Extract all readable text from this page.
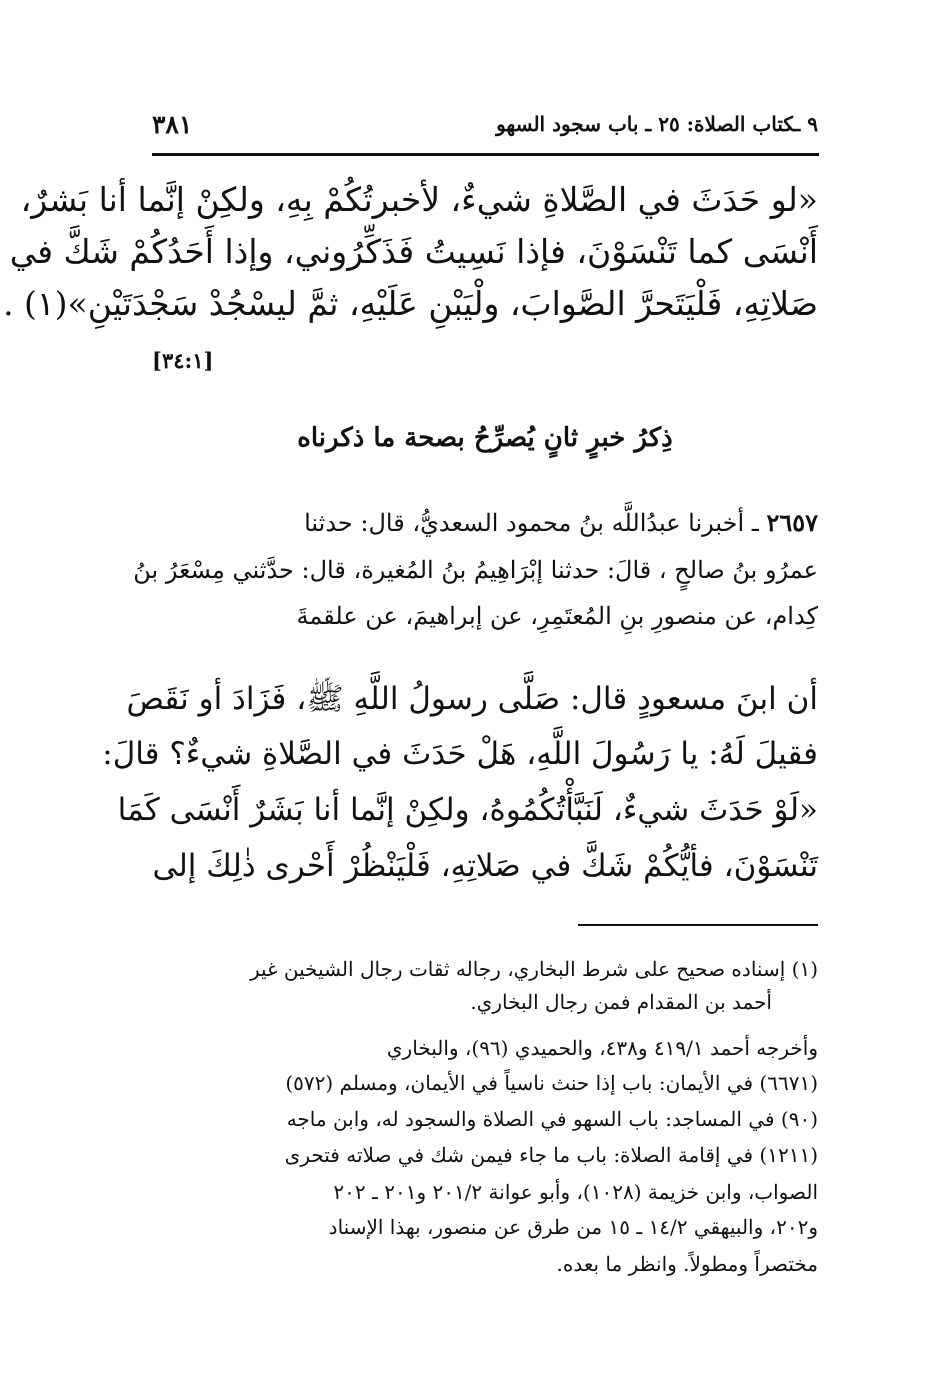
٩ ـكتاب الصلاة: ٢٥ ـ باب سجود السهو
٣٨١
«لو حَدَثَ في الصَّلاةِ شيءٌ، لأخبرتُكُمْ بِهِ، ولكِنْ إنَّما أنا بَشرٌ،
أَنْسَى كما تَنْسَوْنَ، فإذا نَسِيتُ فَذَكِّرُوني، وإذا أَحَدُكُمْ شَكَّ في
صَلاتِهِ، فَلْيَتَحرَّ الصَّوابَ، ولْيَبْنِ عَلَيْهِ، ثمَّ ليسْجُدْ سَجْدَتَيْنِ»(١) .
[٣٤:١]
ذِكرُ خبرٍ ثانٍ يُصرِّحُ بصحة ما ذكرناه
٢٦٥٧ ـ أخبرنا عبدُاللَّه بنُ محمود السعديُّ، قال: حدثنا
عمرُو بنُ صالحٍ ، قالَ: حدثنا إبْرَاهِيمُ بنُ المُغيرة، قال: حدَّثني مِسْعَرُ بنُ
كِدام، عن منصورِ بنِ المُعتَمِرِ، عن إبراهيمَ، عن علقمةَ
أن ابنَ مسعودٍ قال: صَلَّى رسولُ اللَّهِ ﷺ، فَزَادَ أو نَقَصَ
فقيلَ لَهُ: يا رَسُولَ اللَّهِ، هَلْ حَدَثَ في الصَّلاةِ شيءٌ؟ قالَ:
«لَوْ حَدَثَ شيءٌ، لَنَبَّأْتُكُمُوهُ، ولكِنْ إنَّما أنا بَشَرٌ أَنْسَى كَمَا
تَنْسَوْنَ، فأيُّكُمْ شَكَّ في صَلاتِهِ، فَلْيَنْظُرْ أَحْرى ذٰلِكَ إلى
(١) إسناده صحيح على شرط البخاري، رجاله ثقات رجال الشيخين غير
أحمد بن المقدام فمن رجال البخاري.
وأخرجه أحمد ٤١٩/١ و٤٣٨، والحميدي (٩٦)، والبخاري
(٦٦٧١) في الأيمان: باب إذا حنث ناسياً في الأيمان، ومسلم (٥٧٢)
(٩٠) في المساجد: باب السهو في الصلاة والسجود له، وابن ماجه
(١٢١١) في إقامة الصلاة: باب ما جاء فيمن شك في صلاته فتحرى
الصواب، وابن خزيمة (١٠٢٨)، وأبو عوانة ٢٠١/٢ و٢٠١ ـ ٢٠٢
و٢٠٢، والبيهقي ١٤/٢ ـ ١٥ من طرق عن منصور، بهذا الإسناد
مختصراً ومطولاً. وانظر ما بعده.
